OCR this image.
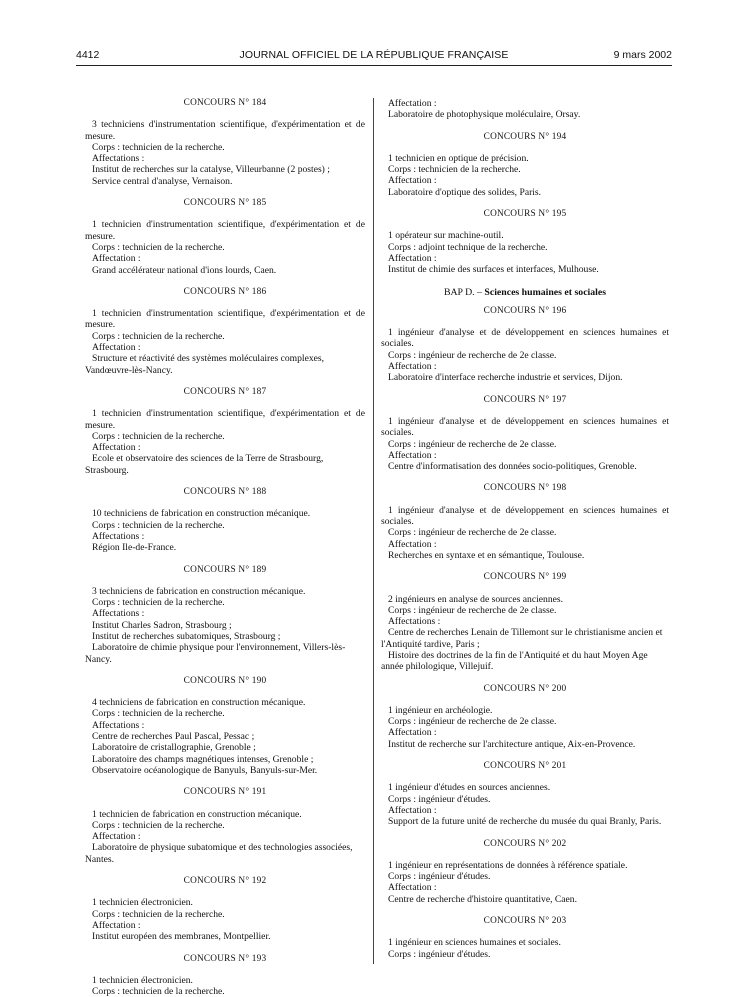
4412	JOURNAL OFFICIEL DE LA RÉPUBLIQUE FRANÇAISE	9 mars 2002
CONCOURS N° 184
3 techniciens d'instrumentation scientifique, d'expérimentation et de mesure.
Corps : technicien de la recherche.
Affectations :
Institut de recherches sur la catalyse, Villeurbanne (2 postes) ;
Service central d'analyse, Vernaison.
CONCOURS N° 185
1 technicien d'instrumentation scientifique, d'expérimentation et de mesure.
Corps : technicien de la recherche.
Affectation :
Grand accélérateur national d'ions lourds, Caen.
CONCOURS N° 186
1 technicien d'instrumentation scientifique, d'expérimentation et de mesure.
Corps : technicien de la recherche.
Affectation :
Structure et réactivité des systèmes moléculaires complexes, Vandœuvre-lès-Nancy.
CONCOURS N° 187
1 technicien d'instrumentation scientifique, d'expérimentation et de mesure.
Corps : technicien de la recherche.
Affectation :
Ecole et observatoire des sciences de la Terre de Strasbourg, Strasbourg.
CONCOURS N° 188
10 techniciens de fabrication en construction mécanique.
Corps : technicien de la recherche.
Affectations :
Région Ile-de-France.
CONCOURS N° 189
3 techniciens de fabrication en construction mécanique.
Corps : technicien de la recherche.
Affectations :
Institut Charles Sadron, Strasbourg ;
Institut de recherches subatomiques, Strasbourg ;
Laboratoire de chimie physique pour l'environnement, Villers-lès-Nancy.
CONCOURS N° 190
4 techniciens de fabrication en construction mécanique.
Corps : technicien de la recherche.
Affectations :
Centre de recherches Paul Pascal, Pessac ;
Laboratoire de cristallographie, Grenoble ;
Laboratoire des champs magnétiques intenses, Grenoble ;
Observatoire océanologique de Banyuls, Banyuls-sur-Mer.
CONCOURS N° 191
1 technicien de fabrication en construction mécanique.
Corps : technicien de la recherche.
Affectation :
Laboratoire de physique subatomique et des technologies associées, Nantes.
CONCOURS N° 192
1 technicien électronicien.
Corps : technicien de la recherche.
Affectation :
Institut européen des membranes, Montpellier.
CONCOURS N° 193
1 technicien électronicien.
Corps : technicien de la recherche.
Affectation :
Laboratoire de photophysique moléculaire, Orsay.
CONCOURS N° 194
1 technicien en optique de précision.
Corps : technicien de la recherche.
Affectation :
Laboratoire d'optique des solides, Paris.
CONCOURS N° 195
1 opérateur sur machine-outil.
Corps : adjoint technique de la recherche.
Affectation :
Institut de chimie des surfaces et interfaces, Mulhouse.
BAP D. – Sciences humaines et sociales
CONCOURS N° 196
1 ingénieur d'analyse et de développement en sciences humaines et sociales.
Corps : ingénieur de recherche de 2e classe.
Affectation :
Laboratoire d'interface recherche industrie et services, Dijon.
CONCOURS N° 197
1 ingénieur d'analyse et de développement en sciences humaines et sociales.
Corps : ingénieur de recherche de 2e classe.
Affectation :
Centre d'informatisation des données socio-politiques, Grenoble.
CONCOURS N° 198
1 ingénieur d'analyse et de développement en sciences humaines et sociales.
Corps : ingénieur de recherche de 2e classe.
Affectation :
Recherches en syntaxe et en sémantique, Toulouse.
CONCOURS N° 199
2 ingénieurs en analyse de sources anciennes.
Corps : ingénieur de recherche de 2e classe.
Affectations :
Centre de recherches Lenain de Tillemont sur le christianisme ancien et l'Antiquité tardive, Paris ;
Histoire des doctrines de la fin de l'Antiquité et du haut Moyen Age année philologique, Villejuif.
CONCOURS N° 200
1 ingénieur en archéologie.
Corps : ingénieur de recherche de 2e classe.
Affectation :
Institut de recherche sur l'architecture antique, Aix-en-Provence.
CONCOURS N° 201
1 ingénieur d'études en sources anciennes.
Corps : ingénieur d'études.
Affectation :
Support de la future unité de recherche du musée du quai Branly, Paris.
CONCOURS N° 202
1 ingénieur en représentations de données à référence spatiale.
Corps : ingénieur d'études.
Affectation :
Centre de recherche d'histoire quantitative, Caen.
CONCOURS N° 203
1 ingénieur en sciences humaines et sociales.
Corps : ingénieur d'études.
